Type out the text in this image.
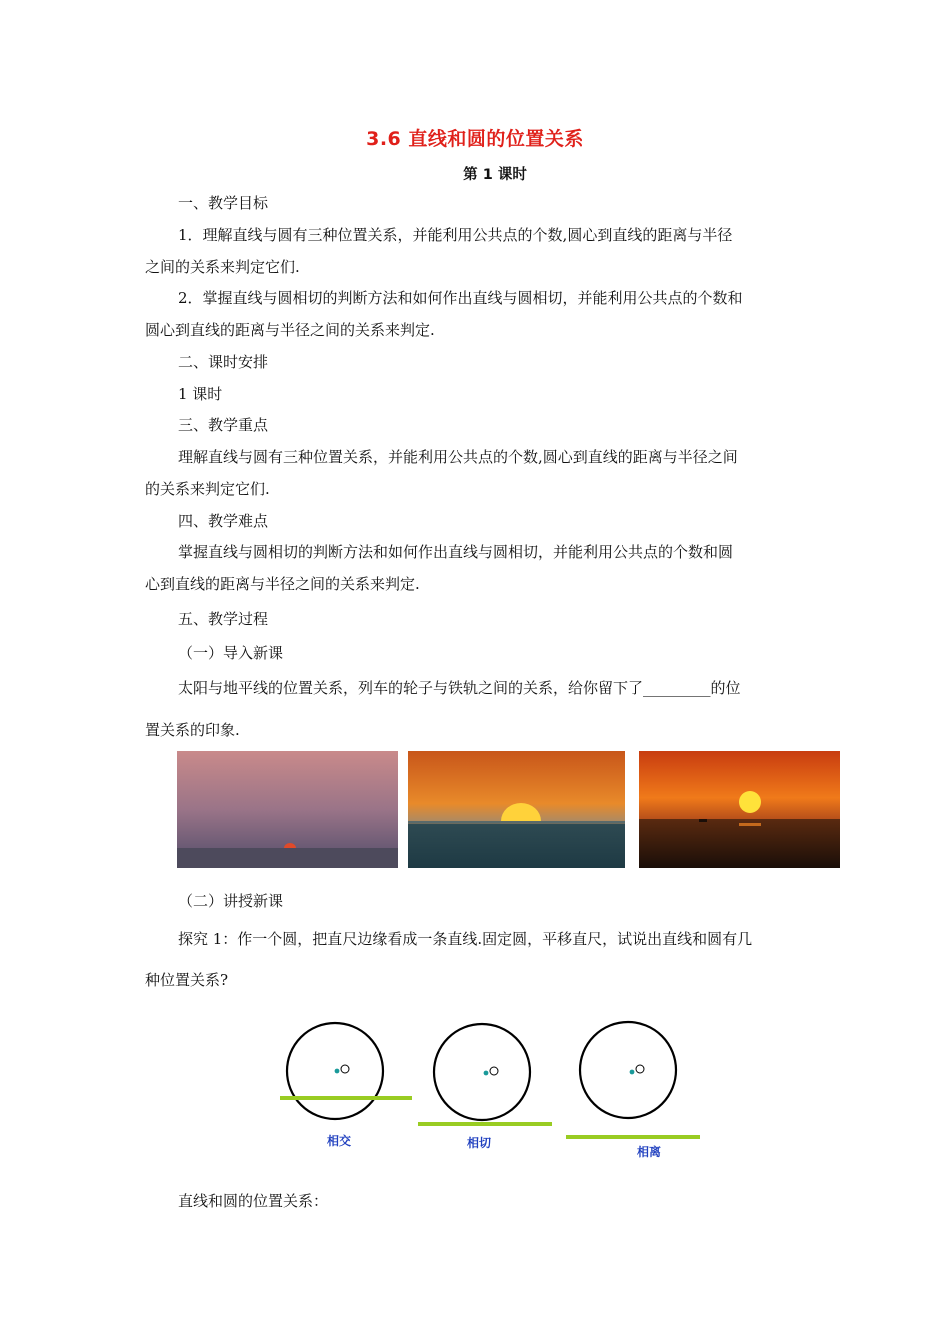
3.6 直线和圆的位置关系
第 1 课时
一、教学目标
1．理解直线与圆有三种位置关系，并能利用公共点的个数,圆心到直线的距离与半径
之间的关系来判定它们.
2．掌握直线与圆相切的判断方法和如何作出直线与圆相切，并能利用公共点的个数和
圆心到直线的距离与半径之间的关系来判定.
二、课时安排
1 课时
三、教学重点
理解直线与圆有三种位置关系，并能利用公共点的个数,圆心到直线的距离与半径之间
的关系来判定它们.
四、教学难点
掌握直线与圆相切的判断方法和如何作出直线与圆相切，并能利用公共点的个数和圆
心到直线的距离与半径之间的关系来判定.
五、教学过程
（一）导入新课
太阳与地平线的位置关系，列车的轮子与铁轨之间的关系，给你留下了_________的位
置关系的印象.
（二）讲授新课
探究 1：作一个圆，把直尺边缘看成一条直线.固定圆，平移直尺，试说出直线和圆有几
种位置关系?
相交	相切
相离
直线和圆的位置关系：
